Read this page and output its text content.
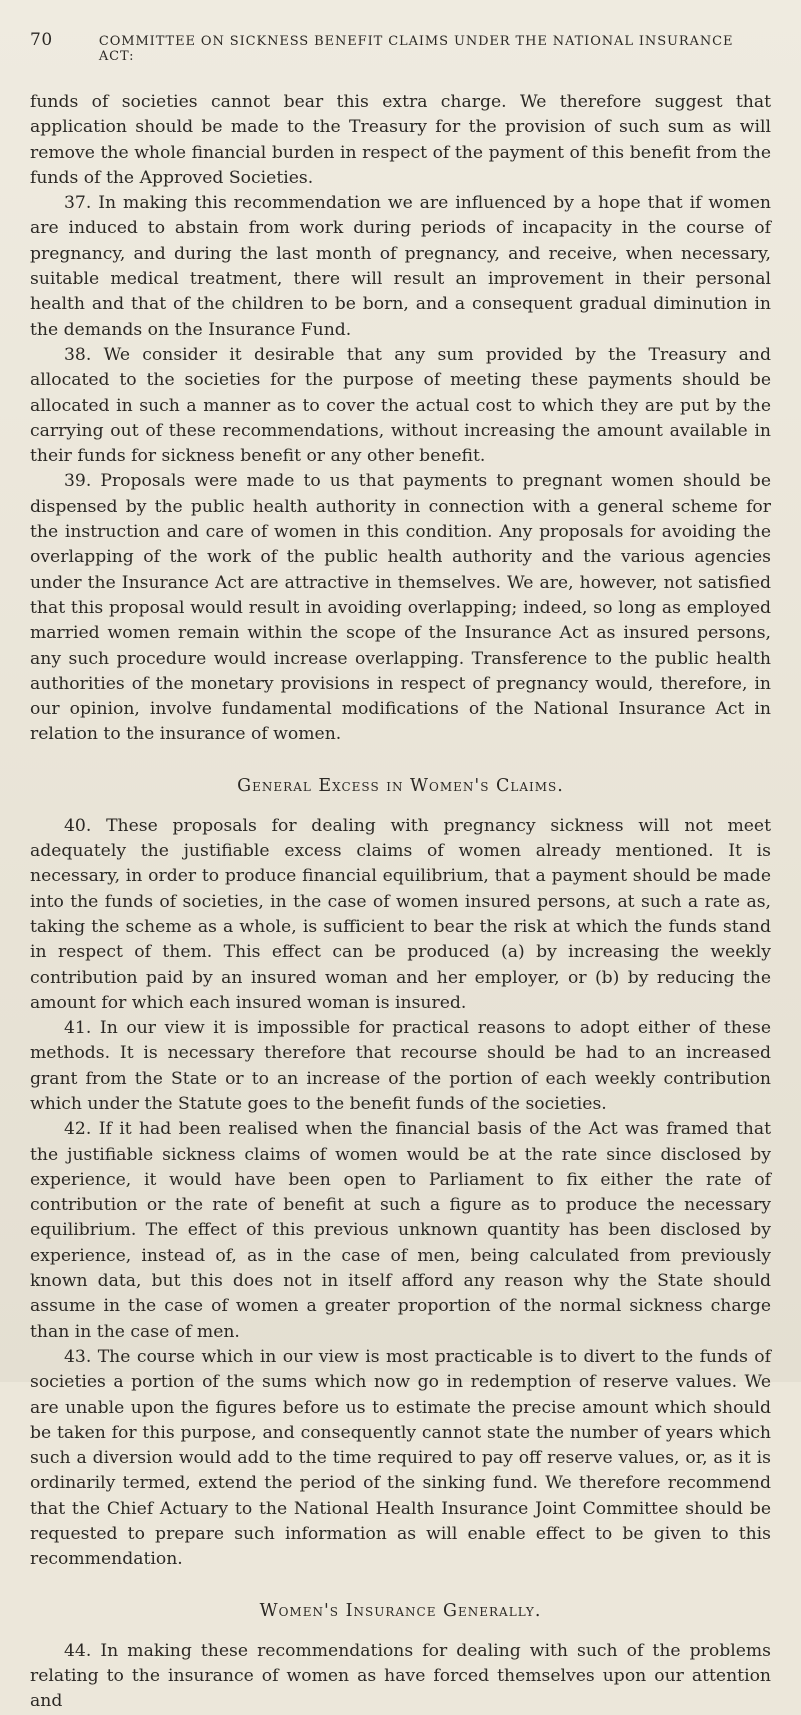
70	COMMITTEE ON SICKNESS BENEFIT CLAIMS UNDER THE NATIONAL INSURANCE ACT:

funds of societies cannot bear this extra charge. We therefore suggest that application should be made to the Treasury for the provision of such sum as will remove the whole financial burden in respect of the payment of this benefit from the funds of the Approved Societies.

37. In making this recommendation we are influenced by a hope that if women are induced to abstain from work during periods of incapacity in the course of pregnancy, and during the last month of pregnancy, and receive, when necessary, suitable medical treatment, there will result an improvement in their personal health and that of the children to be born, and a consequent gradual diminution in the demands on the Insurance Fund.

38. We consider it desirable that any sum provided by the Treasury and allocated to the societies for the purpose of meeting these payments should be allocated in such a manner as to cover the actual cost to which they are put by the carrying out of these recommendations, without increasing the amount available in their funds for sickness benefit or any other benefit.

39. Proposals were made to us that payments to pregnant women should be dispensed by the public health authority in connection with a general scheme for the instruction and care of women in this condition. Any proposals for avoiding the overlapping of the work of the public health authority and the various agencies under the Insurance Act are attractive in themselves. We are, however, not satisfied that this proposal would result in avoiding overlapping; indeed, so long as employed married women remain within the scope of the Insurance Act as insured persons, any such procedure would increase overlapping. Transference to the public health authorities of the monetary provisions in respect of pregnancy would, therefore, in our opinion, involve fundamental modifications of the National Insurance Act in relation to the insurance of women.

General Excess in Women's Claims.

40. These proposals for dealing with pregnancy sickness will not meet adequately the justifiable excess claims of women already mentioned. It is necessary, in order to produce financial equilibrium, that a payment should be made into the funds of societies, in the case of women insured persons, at such a rate as, taking the scheme as a whole, is sufficient to bear the risk at which the funds stand in respect of them. This effect can be produced (a) by increasing the weekly contribution paid by an insured woman and her employer, or (b) by reducing the amount for which each insured woman is insured.

41. In our view it is impossible for practical reasons to adopt either of these methods. It is necessary therefore that recourse should be had to an increased grant from the State or to an increase of the portion of each weekly contribution which under the Statute goes to the benefit funds of the societies.

42. If it had been realised when the financial basis of the Act was framed that the justifiable sickness claims of women would be at the rate since disclosed by experience, it would have been open to Parliament to fix either the rate of contribution or the rate of benefit at such a figure as to produce the necessary equilibrium. The effect of this previous unknown quantity has been disclosed by experience, instead of, as in the case of men, being calculated from previously known data, but this does not in itself afford any reason why the State should assume in the case of women a greater proportion of the normal sickness charge than in the case of men.

43. The course which in our view is most practicable is to divert to the funds of societies a portion of the sums which now go in redemption of reserve values. We are unable upon the figures before us to estimate the precise amount which should be taken for this purpose, and consequently cannot state the number of years which such a diversion would add to the time required to pay off reserve values, or, as it is ordinarily termed, extend the period of the sinking fund. We therefore recommend that the Chief Actuary to the National Health Insurance Joint Committee should be requested to prepare such information as will enable effect to be given to this recommendation.

Women's Insurance Generally.

44. In making these recommendations for dealing with such of the problems relating to the insurance of women as have forced themselves upon our attention and
